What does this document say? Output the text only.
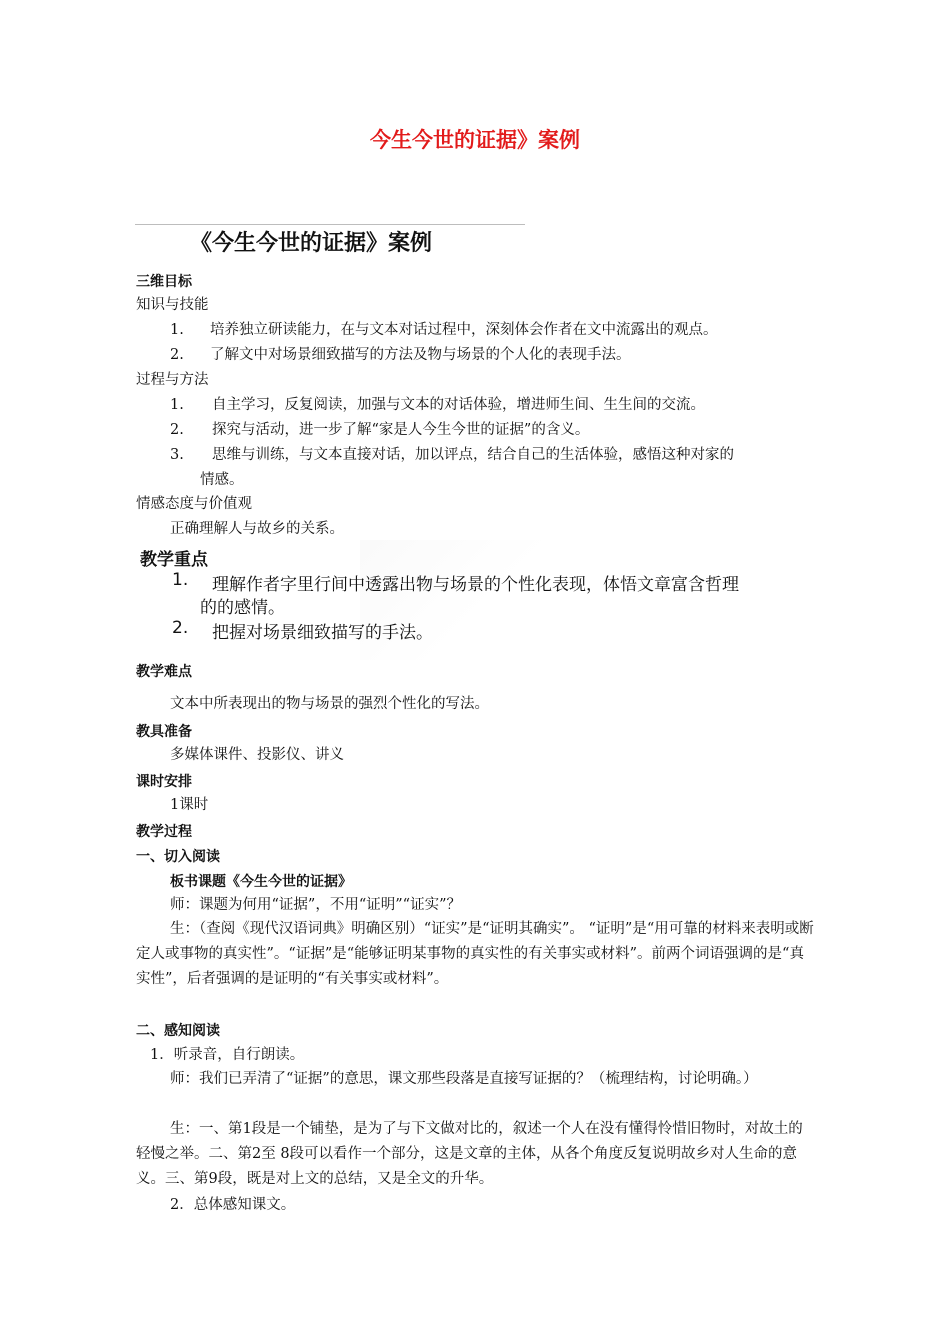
今生今世的证据》案例
《今生今世的证据》案例
三维目标
知识与技能
1. 培养独立研读能力，在与文本对话过程中，深刻体会作者在文中流露出的观点。
2. 了解文中对场景细致描写的方法及物与场景的个人化的表现手法。
过程与方法
1. 自主学习，反复阅读，加强与文本的对话体验，增进师生间、生生间的交流。
2. 探究与活动，进一步了解“家是人今生今世的证据”的含义。
3. 思维与训练，与文本直接对话，加以评点，结合自己的生活体验，感悟这种对家的
情感。
情感态度与价值观
正确理解人与故乡的关系。
教学重点
1. 理解作者字里行间中透露出物与场景的个性化表现，体悟文章富含哲理
的的感情。
2. 把握对场景细致描写的手法。
教学难点
文本中所表现出的物与场景的强烈个性化的写法。
教具准备
多媒体课件、投影仪、讲义
课时安排
1课时
教学过程
一、切入阅读
板书课题《今生今世的证据》
师：课题为何用“证据”，不用“证明”“证实”？
生：（查阅《现代汉语词典》明确区别）“证实”是“证明其确实”。 “证明”是“用可靠的材料来表明或断定人或事物的真实性”。“证据”是“能够证明某事物的真实性的有关事实或材料”。前两个词语强调的是“真实性”，后者强调的是证明的“有关事实或材料”。
二、感知阅读
1．听录音，自行朗读。
师：我们已弄清了“证据”的意思，课文那些段落是直接写证据的？（梳理结构，讨论明确。）
生：一、第1段是一个铺垫，是为了与下文做对比的，叙述一个人在没有懂得怜惜旧物时，对故土的轻慢之举。二、第2至 8段可以看作一个部分，这是文章的主体，从各个角度反复说明故乡对人生命的意义。三、第9段，既是对上文的总结，又是全文的升华。
2．总体感知课文。
